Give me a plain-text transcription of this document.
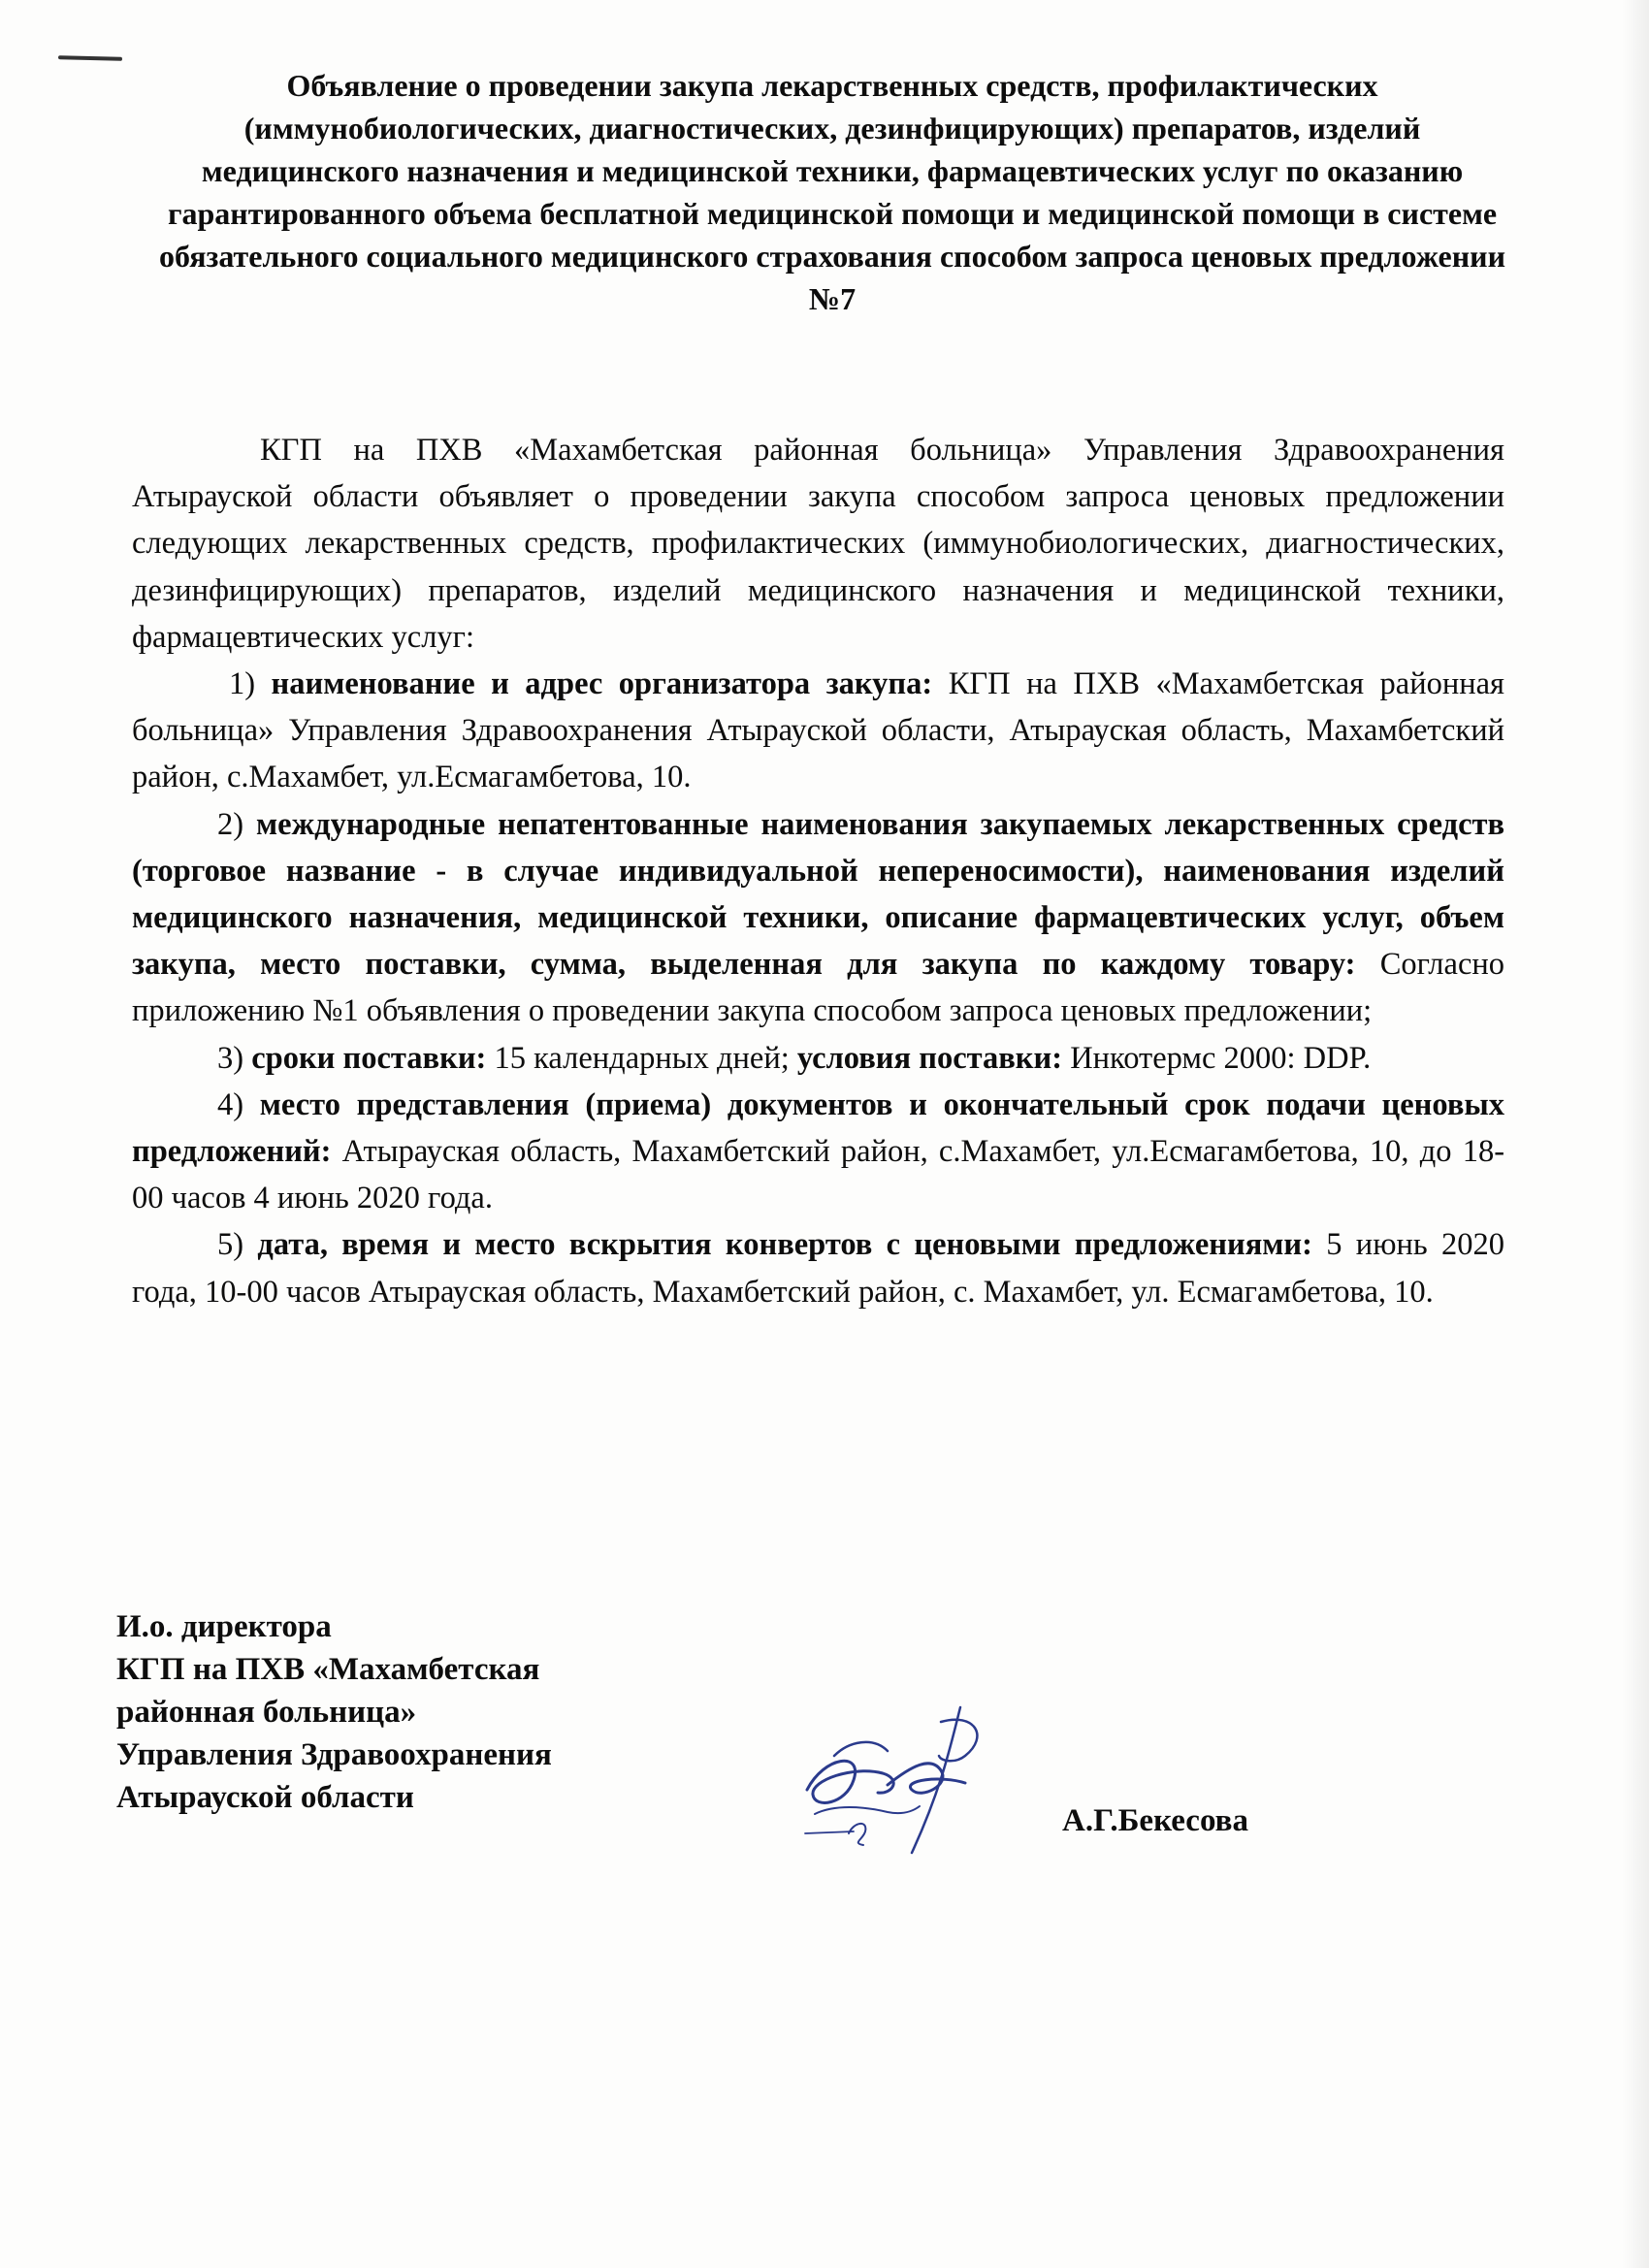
Объявление о проведении закупа лекарственных средств, профилактических (иммунобиологических, диагностических, дезинфицирующих) препаратов, изделий медицинского назначения и медицинской техники, фармацевтических услуг по оказанию гарантированного объема бесплатной медицинской помощи и медицинской помощи в системе обязательного социального медицинского страхования способом запроса ценовых предложении №7

КГП на ПХВ «Махамбетская районная больница» Управления Здравоохранения Атырауской области объявляет о проведении закупа способом запроса ценовых предложении следующих лекарственных средств, профилактических (иммунобиологических, диагностических, дезинфицирующих) препаратов, изделий медицинского назначения и медицинской техники, фармацевтических услуг:

1) наименование и адрес организатора закупа: КГП на ПХВ «Махамбетская районная больница» Управления Здравоохранения Атырауской области, Атырауская область, Махамбетский район, с.Махамбет, ул.Есмагамбетова, 10.

2) международные непатентованные наименования закупаемых лекарственных средств (торговое название - в случае индивидуальной непереносимости), наименования изделий медицинского назначения, медицинской техники, описание фармацевтических услуг, объем закупа, место поставки, сумма, выделенная для закупа по каждому товару: Согласно приложению №1 объявления о проведении закупа способом запроса ценовых предложении;

3) сроки поставки: 15 календарных дней; условия поставки: Инкотермс 2000: DDP.

4) место представления (приема) документов и окончательный срок подачи ценовых предложений: Атырауская область, Махамбетский район, с.Махамбет, ул.Есмагамбетова, 10, до 18-00 часов 4 июнь 2020 года.

5) дата, время и место вскрытия конвертов с ценовыми предложениями: 5 июнь 2020 года, 10-00 часов Атырауская область, Махамбетский район, с. Махамбет, ул. Есмагамбетова, 10.

И.о. директора
КГП на ПХВ «Махамбетская
районная больница»
Управления Здравоохранения
Атырауской области
А.Г.Бекесова
